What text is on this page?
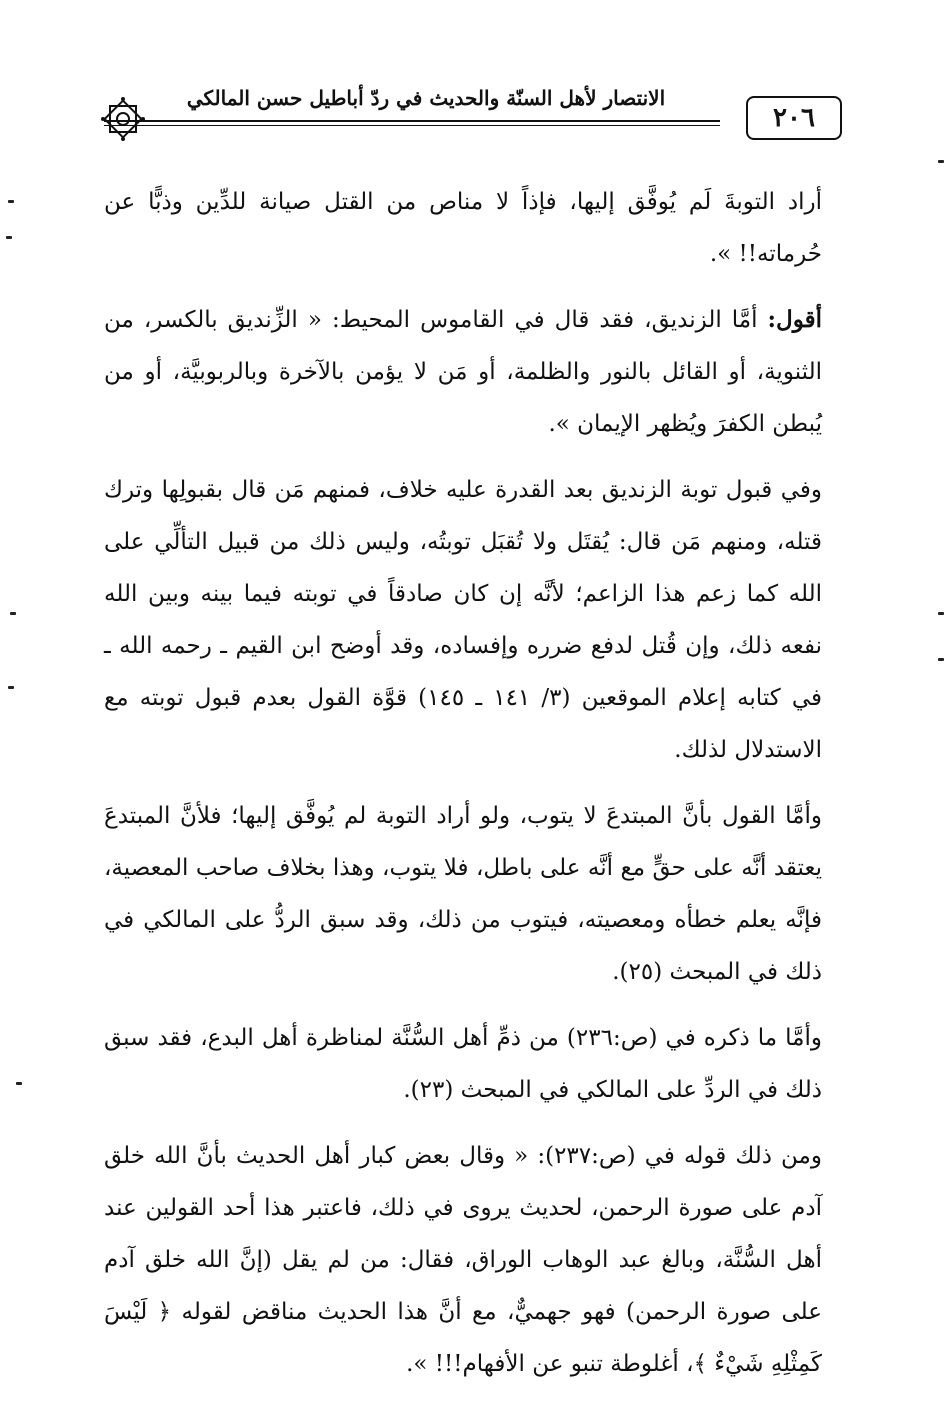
الانتصار لأهل السنّة والحديث في ردّ أباطيل حسن المالكي
٢٠٦

أراد التوبةَ لَم يُوفَّق إليها، فإذاً لا مناص من القتل صيانة للدِّين وذبًّا عن حُرماته!! ».

أقول: أمَّا الزنديق، فقد قال في القاموس المحيط: « الزِّنديق بالكسر، من الثنوية، أو القائل بالنور والظلمة، أو مَن لا يؤمن بالآخرة وبالربوبيَّة، أو من يُبطن الكفرَ ويُظهر الإيمان ».

وفي قبول توبة الزنديق بعد القدرة عليه خلاف، فمنهم مَن قال بقبولِها وترك قتله، ومنهم مَن قال: يُقتَل ولا تُقبَل توبتُه، وليس ذلك من قبيل التألِّي على الله كما زعم هذا الزاعم؛ لأنَّه إن كان صادقاً في توبته فيما بينه وبين الله نفعه ذلك، وإن قُتل لدفع ضرره وإفساده، وقد أوضح ابن القيم ـ رحمه الله ـ في كتابه إعلام الموقعين (٣/ ١٤١ ـ ١٤٥) قوَّة القول بعدم قبول توبته مع الاستدلال لذلك.

وأمَّا القول بأنَّ المبتدعَ لا يتوب، ولو أراد التوبة لم يُوفَّق إليها؛ فلأنَّ المبتدعَ يعتقد أنَّه على حقٍّ مع أنَّه على باطل، فلا يتوب، وهذا بخلاف صاحب المعصية، فإنَّه يعلم خطأه ومعصيته، فيتوب من ذلك، وقد سبق الردُّ على المالكي في ذلك في المبحث (٢٥).

وأمَّا ما ذكره في (ص:٢٣٦) من ذمِّ أهل السُّنَّة لمناظرة أهل البدع، فقد سبق ذلك في الردِّ على المالكي في المبحث (٢٣).

ومن ذلك قوله في (ص:٢٣٧): « وقال بعض كبار أهل الحديث بأنَّ الله خلق آدم على صورة الرحمن، لحديث يروى في ذلك، فاعتبر هذا أحد القولين عند أهل السُّنَّة، وبالغ عبد الوهاب الوراق، فقال: من لم يقل (إنَّ الله خلق آدم على صورة الرحمن) فهو جهميٌّ، مع أنَّ هذا الحديث مناقض لقوله ﴿ لَيْسَ كَمِثْلِهِ شَيْءٌ ﴾، أغلوطة تنبو عن الأفهام!!! ».
